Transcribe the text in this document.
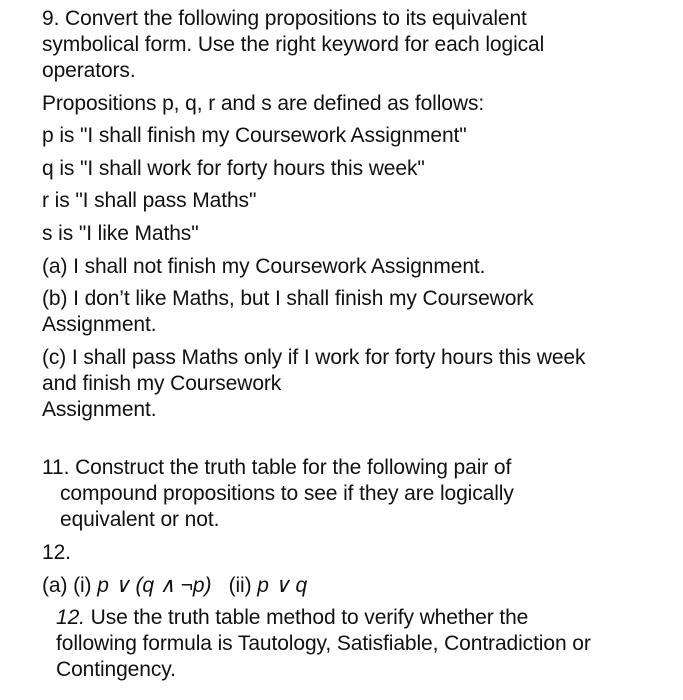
9. Convert the following propositions to its equivalent
symbolical form. Use the right keyword for each logical
operators.
Propositions p, q, r and s are defined as follows:
p is "I shall finish my Coursework Assignment"
q is "I shall work for forty hours this week"
r is "I shall pass Maths"
s is "I like Maths"
(a) I shall not finish my Coursework Assignment.
(b) I don’t like Maths, but I shall finish my Coursework
Assignment.
(c) I shall pass Maths only if I work for forty hours this week
and finish my Coursework
Assignment.
11. Construct the truth table for the following pair of
compound propositions to see if they are logically
equivalent or not.
12.
(a) (i) p ∨ (q ∧ ¬p)   (ii) p ∨ q
12. Use the truth table method to verify whether the
following formula is Tautology, Satisfiable, Contradiction or
Contingency.
